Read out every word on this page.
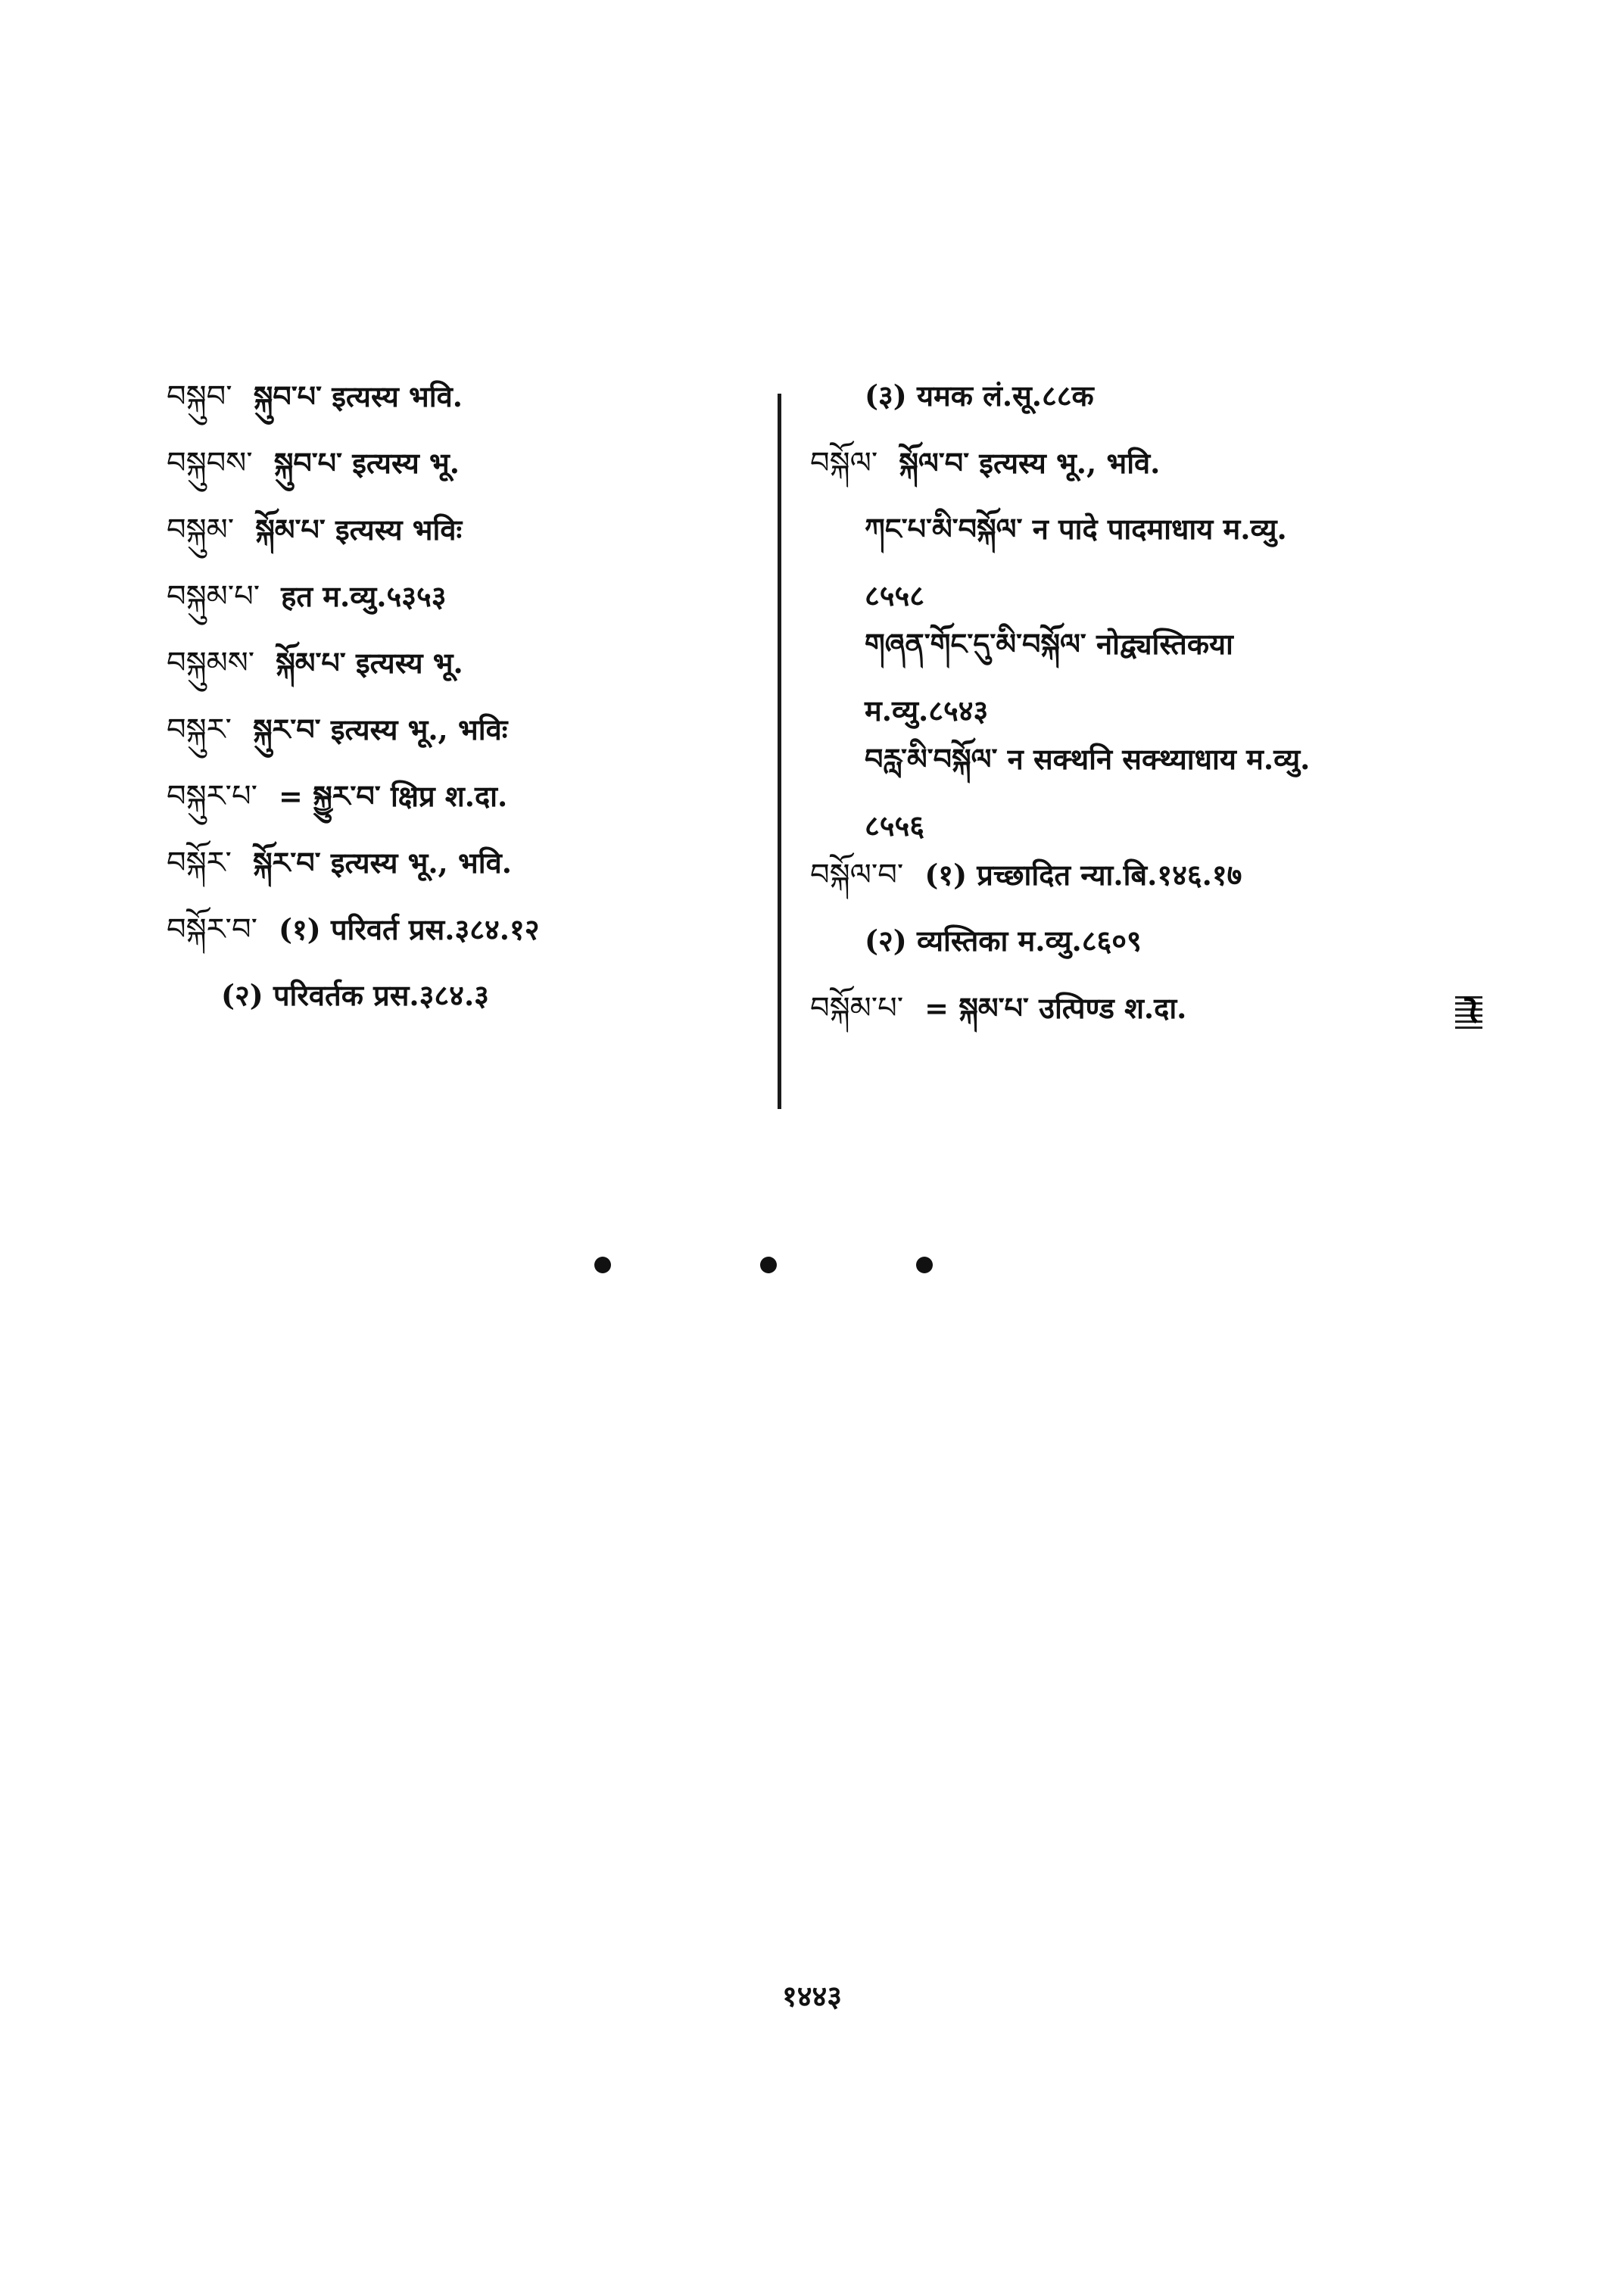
བསྐུབ་ སྐུབ་པ་ इत्यस्य भवि.
བསྐུབས་ སྐུབ་པ་ इत्यस्य भू.
བསྐུམ་ སྐོམ་པ་ इत्यस्य भविः
བསྐུམ་པ་ हत म.व्यु.५३५३
བསྐུམས་ སྐོམ་པ་ इत्यस्य भू.
བསྐུར་ སྐུར་བ་ इत्यस्य भू., भविः
བསྐུར་པ་ = སྐྱུར་བ་ क्षिप्र श.दा.
བསྐོར་ སྐོར་བ་ इत्यस्य भू., भवि.
བསྐོར་བ་ (१) परिवर्त प्रस.३८४.१२
(२) परिवर्तक प्रस.३८४.३
(३) यमक लं.सू.८८क
བསྐོལ་ སྐོལ་བ་ इत्यस्य भू., भवि.
ཀང་པ་མི་བསྐོལ་ न पादे पादमाधाय म.व्यु.
८५५८
གཞན་གོང་དུ་མི་བསྐོལ་ नोद्व्यस्तिकया
म.व्यु.८५४३
བརླ་མི་བསྐོལ་ न सक्थनि सक्थ्याधाय म.व्यु.
८५५६
བསྐོལ་བ་ (१) प्रच्छादित न्या.बि.१४६.१७
(२) व्यस्तिका म.व्यु.८६०९
བསྐོམ་པ་ = སྐམ་པ་ उत्पिण्ड श.दा.
१४४३
